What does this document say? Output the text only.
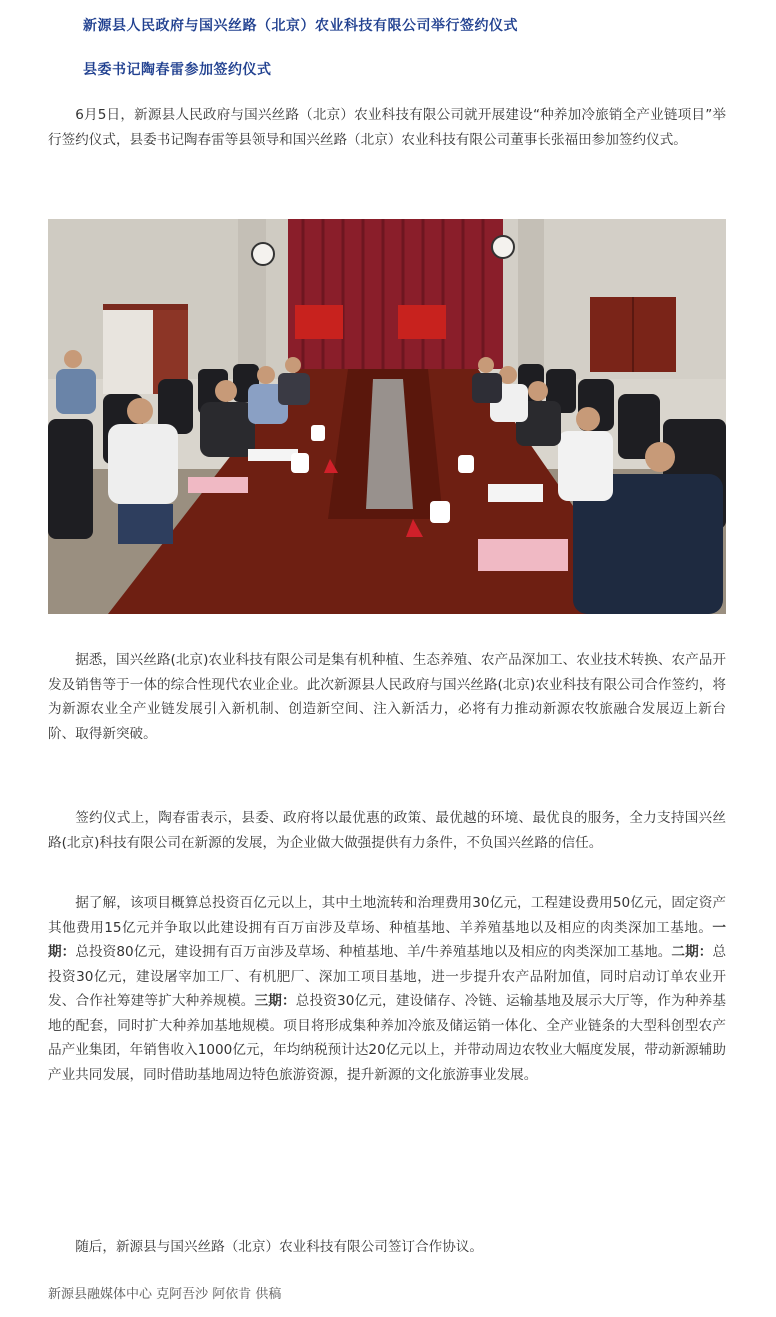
新源县人民政府与国兴丝路（北京）农业科技有限公司举行签约仪式
县委书记陶春雷参加签约仪式

6月5日，新源县人民政府与国兴丝路（北京）农业科技有限公司就开展建设“种养加冷旅销全产业链项目”举行签约仪式，县委书记陶春雷等县领导和国兴丝路（北京）农业科技有限公司董事长张福田参加签约仪式。

据悉，国兴丝路(北京)农业科技有限公司是集有机种植、生态养殖、农产品深加工、农业技术转换、农产品开发及销售等于一体的综合性现代农业企业。此次新源县人民政府与国兴丝路(北京)农业科技有限公司合作签约，将为新源农业全产业链发展引入新机制、创造新空间、注入新活力，必将有力推动新源农牧旅融合发展迈上新台阶、取得新突破。

签约仪式上，陶春雷表示，县委、政府将以最优惠的政策、最优越的环境、最优良的服务，全力支持国兴丝路(北京)科技有限公司在新源的发展，为企业做大做强提供有力条件，不负国兴丝路的信任。

据了解，该项目概算总投资百亿元以上，其中土地流转和治理费用30亿元，工程建设费用50亿元，固定资产其他费用15亿元并争取以此建设拥有百万亩涉及草场、种植基地、羊养殖基地以及相应的肉类深加工基地。一期：总投资80亿元，建设拥有百万亩涉及草场、种植基地、羊/牛养殖基地以及相应的肉类深加工基地。二期：总投资30亿元，建设屠宰加工厂、有机肥厂、深加工项目基地，进一步提升农产品附加值，同时启动订单农业开发、合作社筹建等扩大种养规模。三期：总投资30亿元，建设储存、冷链、运输基地及展示大厅等，作为种养基地的配套，同时扩大种养加基地规模。项目将形成集种养加冷旅及储运销一体化、全产业链条的大型科创型农产品产业集团，年销售收入1000亿元，年均纳税预计达20亿元以上，并带动周边农牧业大幅度发展，带动新源辅助产业共同发展，同时借助基地周边特色旅游资源，提升新源的文化旅游事业发展。

随后，新源县与国兴丝路（北京）农业科技有限公司签订合作协议。

新源县融媒体中心 克阿吾沙 阿依肯 供稿
